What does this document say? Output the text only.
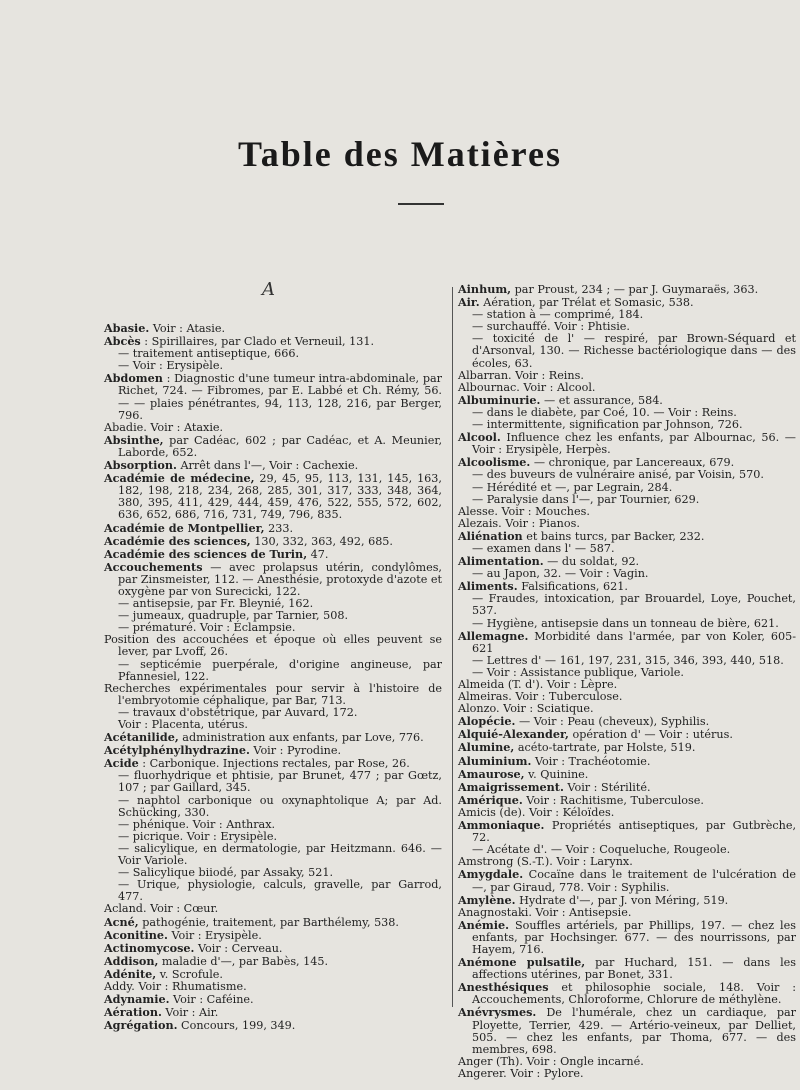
Table des Matières
A

Abasie. Voir : Atasie.

Abcès : Spirillaires, par Clado et Verneuil, 131.

— traitement antiseptique, 666.

— Voir : Erysipèle.

Abdomen : Diagnostic d'une tumeur intra-abdominale, par Richet, 724. — Fibromes, par E. Labbé et Ch. Rémy, 56. — — plaies pénétrantes, 94, 113, 128, 216, par Berger, 796.

Abadie. Voir : Ataxie.

Absinthe, par Cadéac, 602 ; par Cadéac, et A. Meunier, Laborde, 652.

Absorption. Arrêt dans l'—, Voir : Cachexie.

Académie de médecine, 29, 45, 95, 113, 131, 145, 163, 182, 198, 218, 234, 268, 285, 301, 317, 333, 348, 364, 380, 395, 411, 429, 444, 459, 476, 522, 555, 572, 602, 636, 652, 686, 716, 731, 749, 796, 835.

Académie de Montpellier, 233.

Académie des sciences, 130, 332, 363, 492, 685.

Académie des sciences de Turin, 47.

Accouchements — avec prolapsus utérin, condylômes, par Zinsmeister, 112. — Anesthésie, protoxyde d'azote et oxygène par von Surecicki, 122.

— antisepsie, par Fr. Bleynié, 162.

— jumeaux, quadruple, par Tarnier, 508.

— prématuré. Voir : Éclampsie.

Position des accouchées et époque où elles peuvent se lever, par Lvoff, 26.

— septicémie puerpérale, d'origine angineuse, par Pfannesiel, 122.

Recherches expérimentales pour servir à l'histoire de l'embryotomie céphalique, par Bar, 713.

— travaux d'obstétrique, par Auvard, 172.

Voir : Placenta, utérus.

Acétanilide, administration aux enfants, par Love, 776.

Acétylphénylhydrazine. Voir : Pyrodine.

Acide : Carbonique. Injections rectales, par Rose, 26.

— fluorhydrique et phtisie, par Brunet, 477 ; par Gœtz, 107 ; par Gaillard, 345.

— naphtol carbonique ou oxynaphtolique A; par Ad. Schücking, 330.

— phénique. Voir : Anthrax.

— picrique. Voir : Erysipèle.

— salicylique, en dermatologie, par Heitzmann. 646. — Voir Variole.

— Salicylique biiodé, par Assaky, 521.

— Urique, physiologie, calculs, gravelle, par Garrod, 477.

Acland. Voir : Cœur.

Acné, pathogénie, traitement, par Barthélemy, 538.

Aconitine. Voir : Erysipèle.

Actinomycose. Voir : Cerveau.

Addison, maladie d'—, par Babès, 145.

Adénite, v. Scrofule.

Addy. Voir : Rhumatisme.

Adynamie. Voir : Caféine.

Aération. Voir : Air.

Agrégation. Concours, 199, 349.

Ainhum, par Proust, 234 ; — par J. Guymaraës, 363.

Air. Aération, par Trélat et Somasic, 538.

— station à — comprimé, 184.

— surchauffé. Voir : Phtisie.

— toxicité de l' — respiré, par Brown-Séquard et d'Arsonval, 130. — Richesse bactériologique dans — des écoles, 63.

Albarran. Voir : Reins.

Albournac. Voir : Alcool.

Albuminurie. — et assurance, 584.

— dans le diabète, par Coé, 10. — Voir : Reins.

— intermittente, signification par Johnson, 726.

Alcool. Influence chez les enfants, par Albournac, 56. — Voir : Erysipèle, Herpès.

Alcoolisme. — chronique, par Lancereaux, 679.

— des buveurs de vulnéraire anisé, par Voisin, 570.

— Hérédité et —, par Legrain, 284.

— Paralysie dans l'—, par Tournier, 629.

Alesse. Voir : Mouches.

Alezais. Voir : Pianos.

Aliénation et bains turcs, par Backer, 232.

— examen dans l' — 587.

Alimentation. — du soldat, 92.

— au Japon, 32. — Voir : Vagin.

Aliments. Falsifications, 621.

— Fraudes, intoxication, par Brouardel, Loye, Pouchet, 537.

— Hygiène, antisepsie dans un tonneau de bière, 621.

Allemagne. Morbidité dans l'armée, par von Koler, 605-621

— Lettres d' — 161, 197, 231, 315, 346, 393, 440, 518.

— Voir : Assistance publique, Variole.

Almeida (T. d'). Voir : Lèpre.

Almeiras. Voir : Tuberculose.

Alonzo. Voir : Sciatique.

Alopécie. — Voir : Peau (cheveux), Syphilis.

Alquié-Alexander, opération d' — Voir : utérus.

Alumine, acéto-tartrate, par Holste, 519.

Aluminium. Voir : Trachéotomie.

Amaurose, v. Quinine.

Amaigrissement. Voir : Stérilité.

Amérique. Voir : Rachitisme, Tuberculose.

Amicis (de). Voir : Kéloïdes.

Ammoniaque. Propriétés antiseptiques, par Gutbrèche, 72.

— Acétate d'. — Voir : Coqueluche, Rougeole.

Amstrong (S.-T.). Voir : Larynx.

Amygdale. Cocaïne dans le traitement de l'ulcération de —, par Giraud, 778. Voir : Syphilis.

Amylène. Hydrate d'—, par J. von Méring, 519.

Anagnostaki. Voir : Antisepsie.

Anémie. Souffles artériels, par Phillips, 197. — chez les enfants, par Hochsinger. 677. — des nourrissons, par Hayem, 716.

Anémone pulsatile, par Huchard, 151. — dans les affections utérines, par Bonet, 331.

Anesthésiques et philosophie sociale, 148. Voir : Accouchements, Chloroforme, Chlorure de méthylène.

Anévrysmes. De l'humérale, chez un cardiaque, par Ployette, Terrier, 429. — Artério-veineux, par Delliet, 505. — chez les enfants, par Thoma, 677. — des membres, 698.

Anger (Th). Voir : Ongle incarné.

Angerer. Voir : Pylore.
